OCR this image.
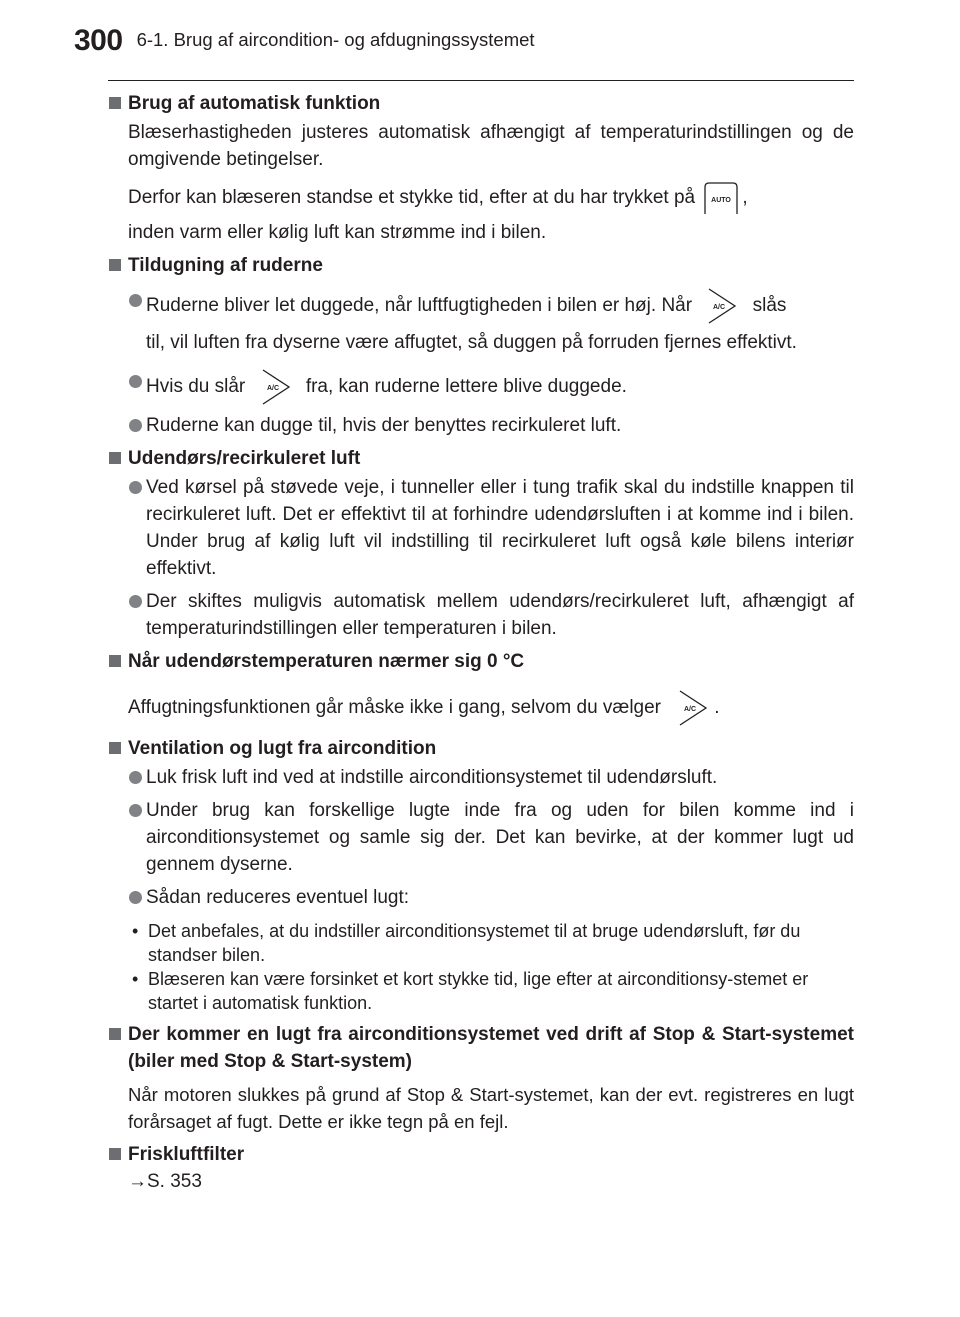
300 6-1. Brug af aircondition- og afdugningssystemet

Brug af automatisk funktion

Blæserhastigheden justeres automatisk afhængigt af temperaturindstillingen og de omgivende betingelser.

Derfor kan blæseren standse et stykke tid, efter at du har trykket på AUTO ,

inden varm eller kølig luft kan strømme ind i bilen.

Tildugning af ruderne

Ruderne bliver let duggede, når luftfugtigheden i bilen er høj. Når	A/C slås

til, vil luften fra dyserne være affugtet, så duggen på forruden fjernes effektivt.

Hvis du slår	A/C fra, kan ruderne lettere blive duggede.

Ruderne kan dugge til, hvis der benyttes recirkuleret luft.

Udendørs/recirkuleret luft

Ved kørsel på støvede veje, i tunneller eller i tung trafik skal du indstille knappen til recirkuleret luft. Det er effektivt til at forhindre udendørsluften i at komme ind i bilen. Under brug af kølig luft vil indstilling til recirkuleret luft også køle bilens interiør effektivt.

Der skiftes muligvis automatisk mellem udendørs/recirkuleret luft, afhængigt af temperaturindstillingen eller temperaturen i bilen.

Når udendørstemperaturen nærmer sig 0 °C

Affugtningsfunktionen går måske ikke i gang, selvom du vælger	A/C .

Ventilation og lugt fra aircondition

Luk frisk luft ind ved at indstille airconditionsystemet til udendørsluft.

Under brug kan forskellige lugte inde fra og uden for bilen komme ind i airconditionsystemet og samle sig der. Det kan bevirke, at der kommer lugt ud gennem dyserne.

Sådan reduceres eventuel lugt:

• Det anbefales, at du indstiller airconditionsystemet til at bruge udendørsluft, før du standser bilen.

• Blæseren kan være forsinket et kort stykke tid, lige efter at airconditionsy-stemet er startet i automatisk funktion.

Der kommer en lugt fra airconditionsystemet ved drift af Stop & Start-systemet (biler med Stop & Start-system)

Når motoren slukkes på grund af Stop & Start-systemet, kan der evt. registreres en lugt forårsaget af fugt. Dette er ikke tegn på en fejl.

Friskluftfilter

→S. 353
